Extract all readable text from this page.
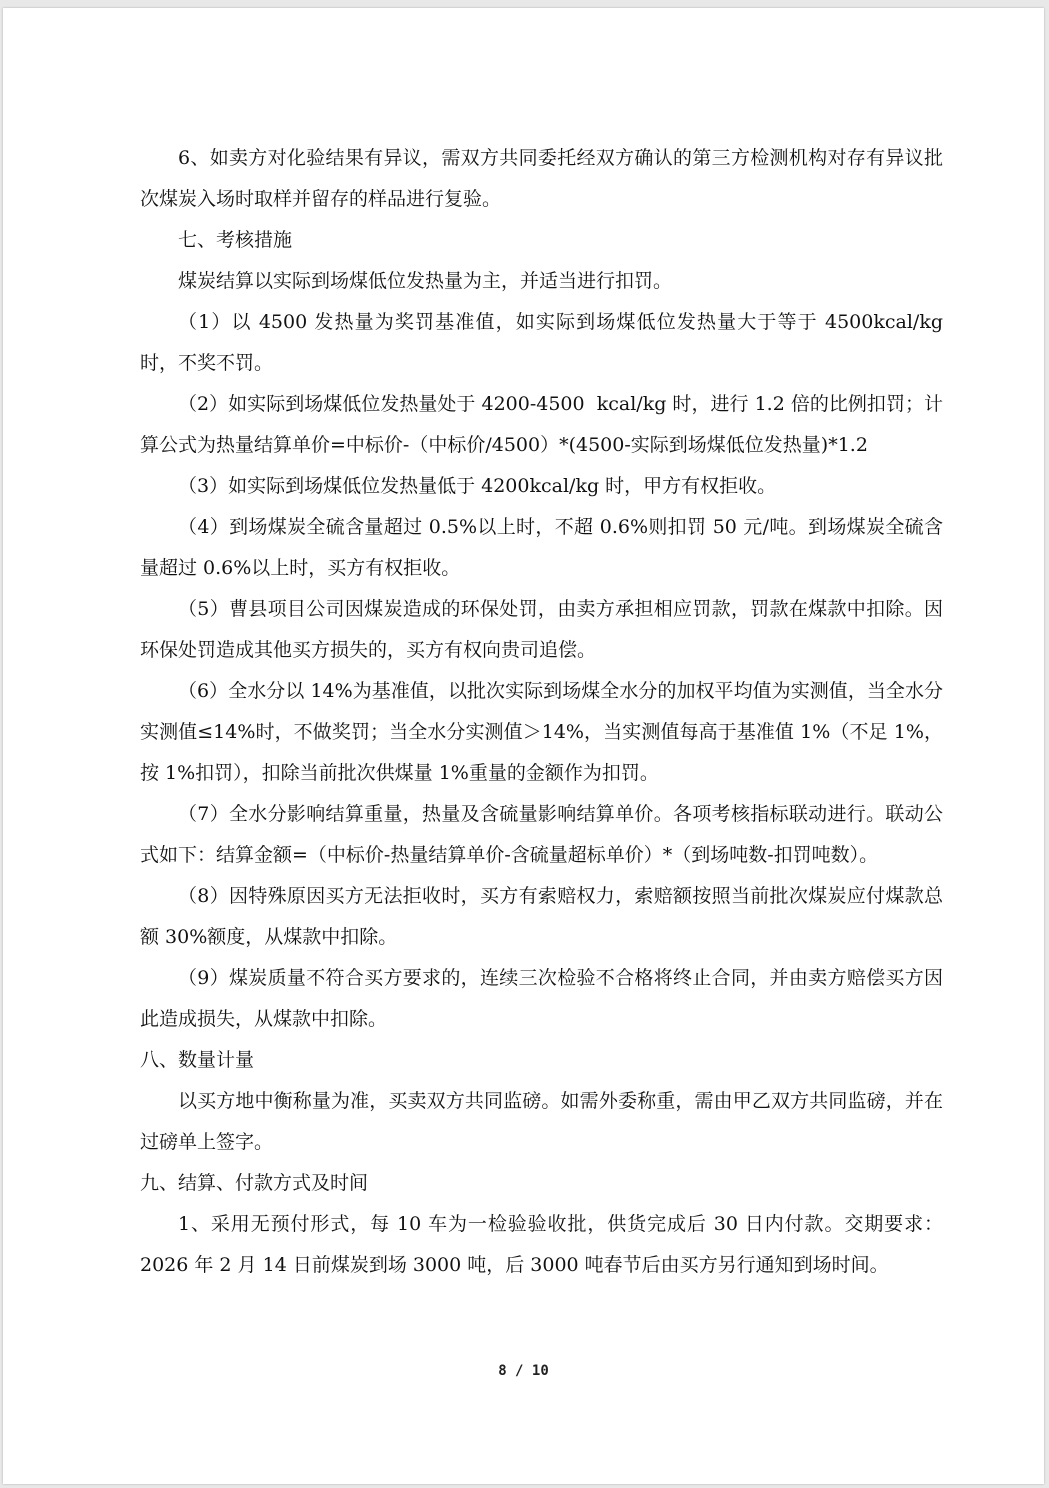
6、如卖方对化验结果有异议，需双方共同委托经双方确认的第三方检测机构对存有异议批次煤炭入场时取样并留存的样品进行复验。

七、考核措施

煤炭结算以实际到场煤低位发热量为主，并适当进行扣罚。

（1）以 4500 发热量为奖罚基准值，如实际到场煤低位发热量大于等于 4500kcal/kg 时，不奖不罚。

（2）如实际到场煤低位发热量处于 4200-4500  kcal/kg 时，进行 1.2 倍的比例扣罚；计算公式为热量结算单价=中标价-（中标价/4500）*(4500-实际到场煤低位发热量)*1.2

（3）如实际到场煤低位发热量低于 4200kcal/kg 时，甲方有权拒收。

（4）到场煤炭全硫含量超过 0.5%以上时，不超 0.6%则扣罚 50 元/吨。到场煤炭全硫含量超过 0.6%以上时，买方有权拒收。

（5）曹县项目公司因煤炭造成的环保处罚，由卖方承担相应罚款，罚款在煤款中扣除。因环保处罚造成其他买方损失的，买方有权向贵司追偿。

（6）全水分以 14%为基准值，以批次实际到场煤全水分的加权平均值为实测值，当全水分实测值≤14%时，不做奖罚；当全水分实测值＞14%，当实测值每高于基准值 1%（不足 1%，按 1%扣罚），扣除当前批次供煤量 1%重量的金额作为扣罚。

（7）全水分影响结算重量，热量及含硫量影响结算单价。各项考核指标联动进行。联动公式如下：结算金额=（中标价-热量结算单价-含硫量超标单价）*（到场吨数-扣罚吨数）。

（8）因特殊原因买方无法拒收时，买方有索赔权力，索赔额按照当前批次煤炭应付煤款总额 30%额度，从煤款中扣除。

（9）煤炭质量不符合买方要求的，连续三次检验不合格将终止合同，并由卖方赔偿买方因此造成损失，从煤款中扣除。

八、数量计量

以买方地中衡称量为准，买卖双方共同监磅。如需外委称重，需由甲乙双方共同监磅，并在过磅单上签字。

九、结算、付款方式及时间

1、采用无预付形式，每 10 车为一检验验收批，供货完成后 30 日内付款。交期要求：2026 年 2 月 14 日前煤炭到场 3000 吨，后 3000 吨春节后由买方另行通知到场时间。

8 / 10
